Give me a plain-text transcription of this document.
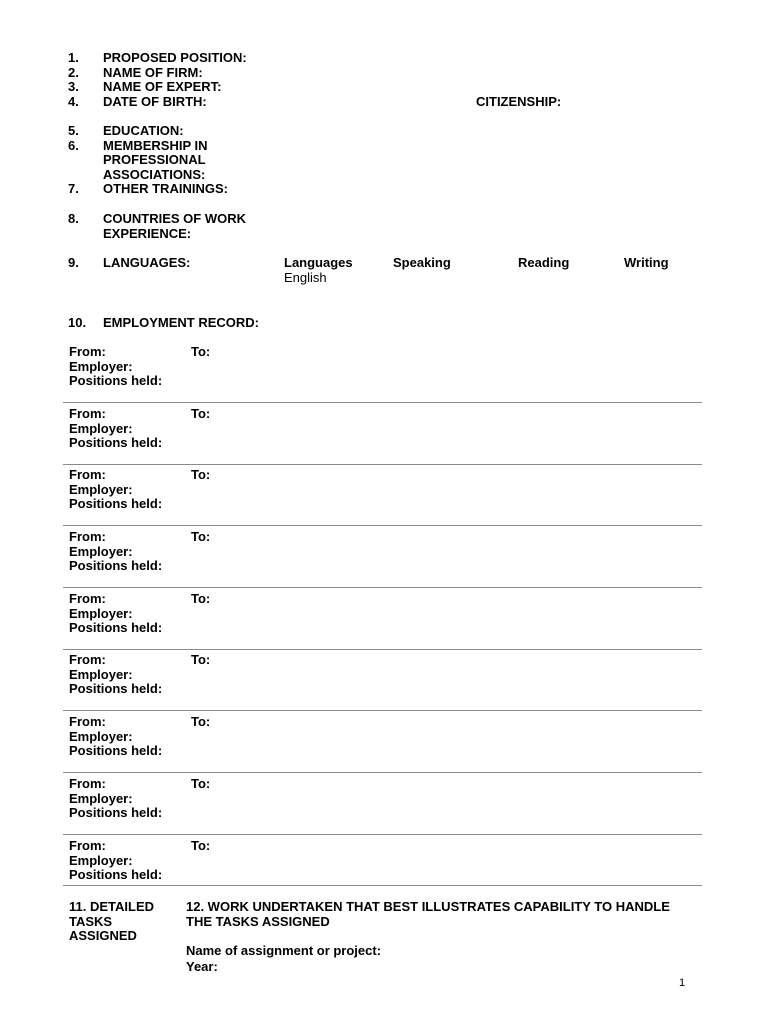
1.	PROPOSED POSITION:
2.	NAME OF FIRM:
3.	NAME OF EXPERT:
4.	DATE OF BIRTH:	CITIZENSHIP:
5.	EDUCATION:
6.	MEMBERSHIP IN
PROFESSIONAL
ASSOCIATIONS:
7.	OTHER TRAININGS:
8.	COUNTRIES OF WORK
EXPERIENCE:
9.	LANGUAGES:	Languages	Speaking	Reading	Writing
English
10.	EMPLOYMENT RECORD:
From:	To:
Employer:
Positions held:
From:	To:
Employer:
Positions held:
From:	To:
Employer:
Positions held:
From:	To:
Employer:
Positions held:
From:	To:
Employer:
Positions held:
From:	To:
Employer:
Positions held:
From:	To:
Employer:
Positions held:
From:	To:
Employer:
Positions held:
From:	To:
Employer:
Positions held:
11. DETAILED
TASKS
ASSIGNED
12. WORK UNDERTAKEN THAT BEST ILLUSTRATES CAPABILITY TO HANDLE
THE TASKS ASSIGNED
Name of assignment or project:
Year:
1
